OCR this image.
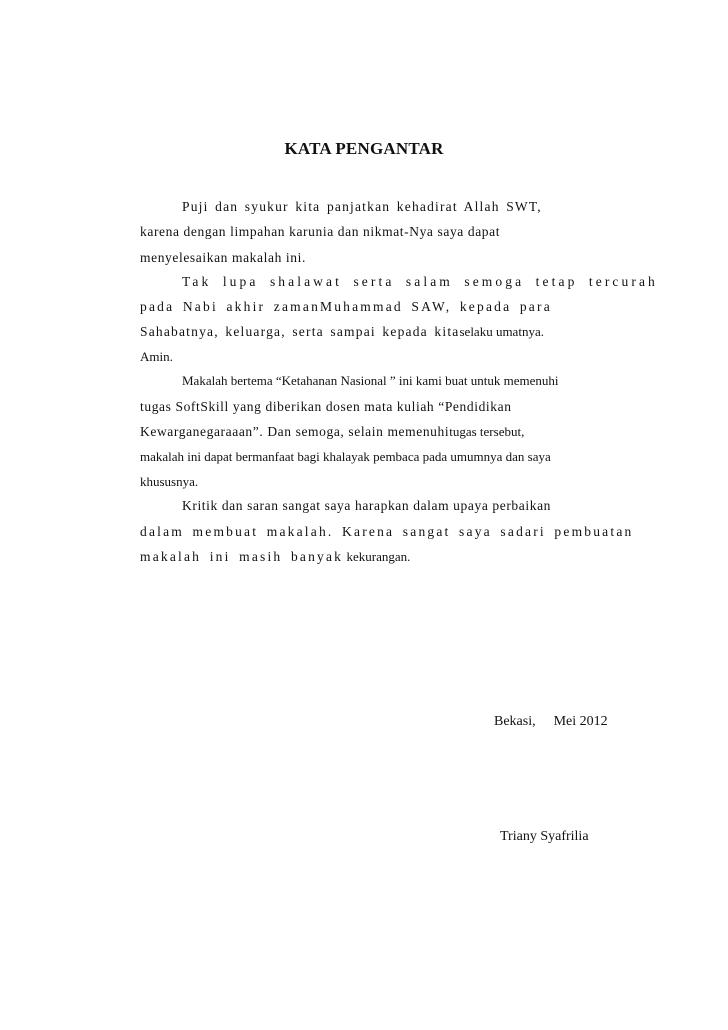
KATA PENGANTAR
Puji dan syukur kita panjatkan kehadirat Allah SWT,
karena dengan limpahan karunia dan nikmat-Nya saya dapat
menyelesaikan makalah ini.
Tak lupa shalawat serta salam semoga tetap tercurah
pada Nabi akhir zamanMuhammad SAW, kepada para
Sahabatnya, keluarga, serta sampai kepada kitaselaku umatnya.
Amin.
Makalah bertema “Ketahanan Nasional ” ini kami buat untuk memenuhi
tugas SoftSkill yang diberikan dosen mata kuliah “Pendidikan
Kewarganegaraaan”. Dan semoga, selain memenuhitugas tersebut,
makalah ini dapat bermanfaat bagi khalayak pembaca pada umumnya dan saya
khususnya.
Kritik dan saran sangat saya harapkan dalam upaya perbaikan
dalam membuat makalah. Karena sangat saya sadari pembuatan
makalah ini masih banyak kekurangan.
Bekasi, Mei 2012
Triany Syafrilia
